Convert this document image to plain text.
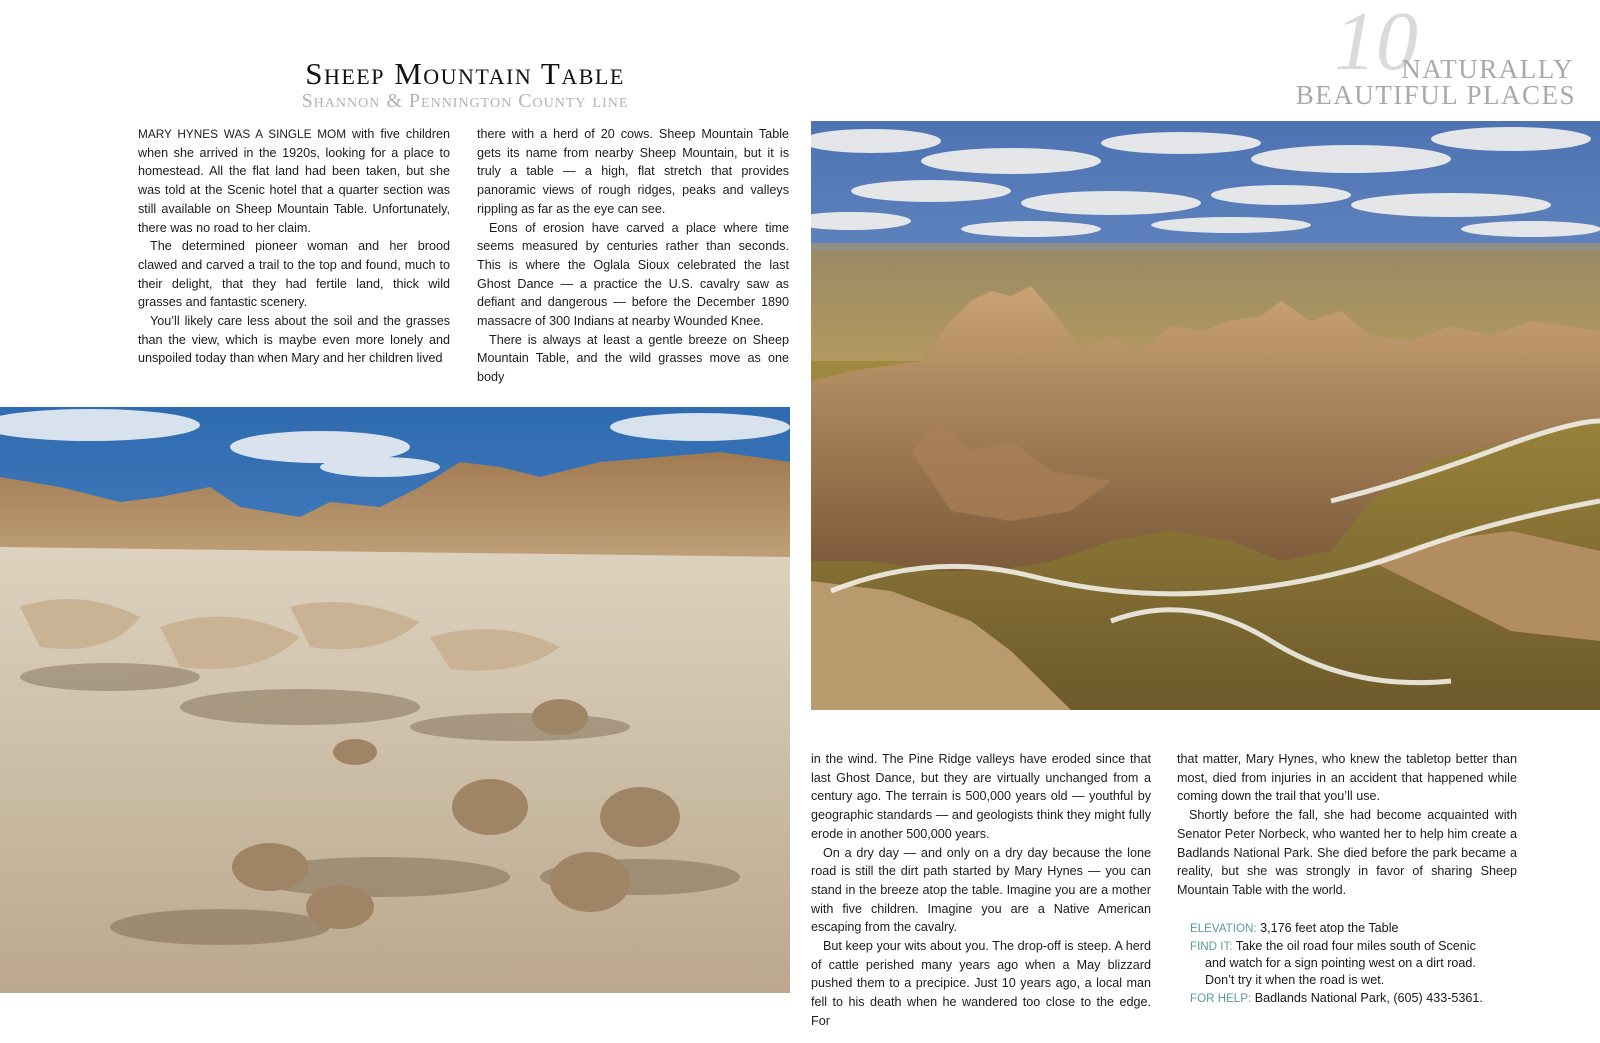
Sheep Mountain Table
Shannon & Pennington County line
10
NATURALLY
BEAUTIFUL PLACES

MARY HYNES WAS A SINGLE MOM with five children when she arrived in the 1920s, looking for a place to homestead. All the flat land had been taken, but she was told at the Scenic hotel that a quarter section was still available on Sheep Mountain Table. Unfortunately, there was no road to her claim.

The determined pioneer woman and her brood clawed and carved a trail to the top and found, much to their delight, that they had fertile land, thick wild grasses and fantastic scenery.

You’ll likely care less about the soil and the grasses than the view, which is maybe even more lonely and unspoiled today than when Mary and her children lived

there with a herd of 20 cows. Sheep Mountain Table gets its name from nearby Sheep Mountain, but it is truly a table — a high, flat stretch that provides panoramic views of rough ridges, peaks and valleys rippling as far as the eye can see.

Eons of erosion have carved a place where time seems measured by centuries rather than seconds. This is where the Oglala Sioux celebrated the last Ghost Dance — a practice the U.S. cavalry saw as defiant and dangerous — before the December 1890 massacre of 300 Indians at nearby Wounded Knee.

There is always at least a gentle breeze on Sheep Mountain Table, and the wild grasses move as one body

in the wind. The Pine Ridge valleys have eroded since that last Ghost Dance, but they are virtually unchanged from a century ago. The terrain is 500,000 years old — youthful by geographic standards — and geologists think they might fully erode in another 500,000 years.

On a dry day — and only on a dry day because the lone road is still the dirt path started by Mary Hynes — you can stand in the breeze atop the table. Imagine you are a mother with five children. Imagine you are a Native American escaping from the cavalry.

But keep your wits about you. The drop-off is steep. A herd of cattle perished many years ago when a May blizzard pushed them to a precipice. Just 10 years ago, a local man fell to his death when he wandered too close to the edge. For

that matter, Mary Hynes, who knew the tabletop better than most, died from injuries in an accident that happened while coming down the trail that you’ll use.

Shortly before the fall, she had become acquainted with Senator Peter Norbeck, who wanted her to help him create a Badlands National Park. She died before the park became a reality, but she was strongly in favor of sharing Sheep Mountain Table with the world.

ELEVATION: 3,176 feet atop the Table
FIND IT: Take the oil road four miles south of Scenic
and watch for a sign pointing west on a dirt road.
Don’t try it when the road is wet.
FOR HELP: Badlands National Park, (605) 433-5361.
